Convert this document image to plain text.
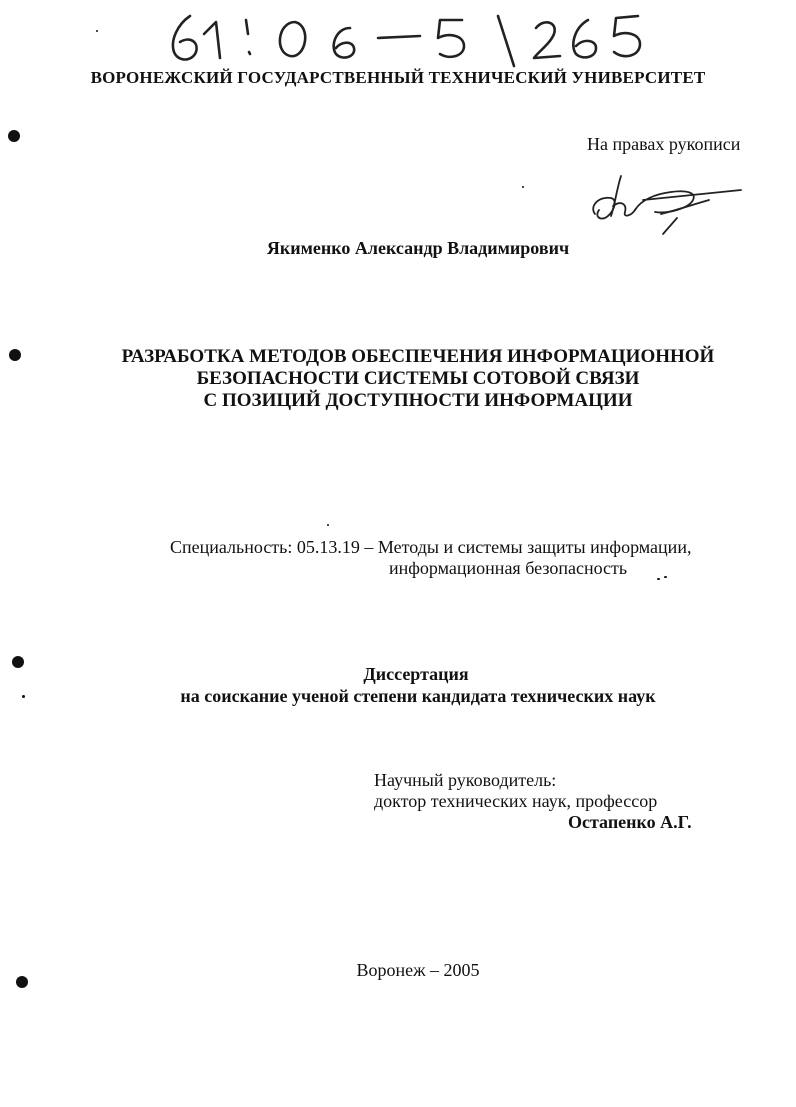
ВОРОНЕЖСКИЙ ГОСУДАРСТВЕННЫЙ ТЕХНИЧЕСКИЙ УНИВЕРСИТЕТ
На правах рукописи
Якименко Александр Владимирович
РАЗРАБОТКА МЕТОДОВ ОБЕСПЕЧЕНИЯ ИНФОРМАЦИОННОЙ
БЕЗОПАСНОСТИ СИСТЕМЫ СОТОВОЙ СВЯЗИ
С ПОЗИЦИЙ ДОСТУПНОСТИ ИНФОРМАЦИИ
Специальность: 05.13.19 – Методы и системы защиты информации,
информационная безопасность
Диссертация
на соискание ученой степени кандидата технических наук
Научный руководитель:
доктор технических наук, профессор
Остапенко А.Г.
Воронеж – 2005
